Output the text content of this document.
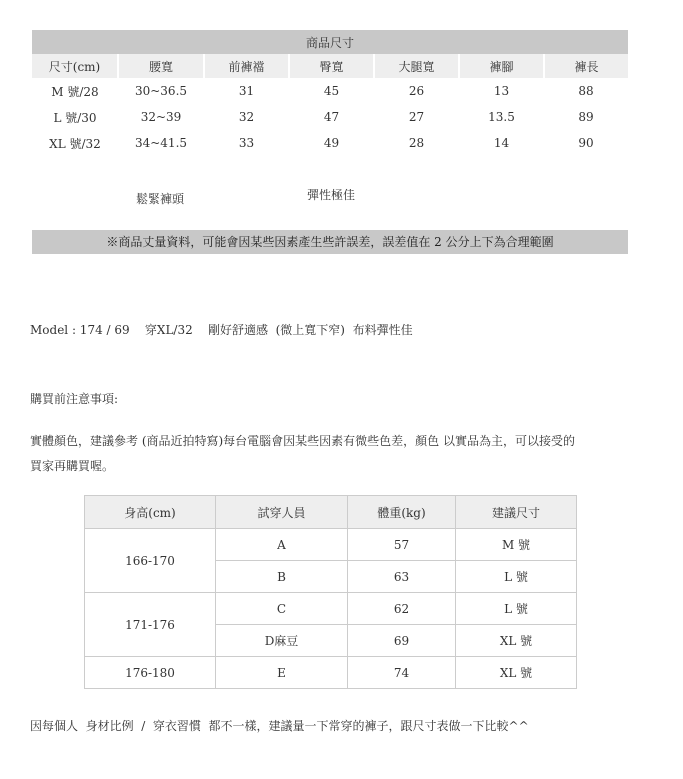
商品尺寸						
尺寸(cm)	腰寬	前褲襠	臀寬	大腿寬	褲腳	褲長
M 號/28	30~36.5	31	45	26	13	88
L 號/30	32~39	32	47	27	13.5	89
XL 號/32	34~41.5	33	49	28	14	90
鬆緊褲頭	彈性極佳
※商品丈量資料，可能會因某些因素產生些許誤差，誤差值在 2 公分上下為合理範圍
Model : 174 / 69    穿XL/32    剛好舒適感  (微上寬下窄)  布料彈性佳
購買前注意事項:
實體顏色，建議參考 (商品近拍特寫)每台電腦會因某些因素有微些色差，顏色 以實品為主，可以接受的
買家再購買喔。
身高(cm)	試穿人員	體重(kg)	建議尺寸
166-170	A	57	M 號
	B	63	L 號
171-176	C	62	L 號
	D麻豆	69	XL 號
176-180	E	74	XL 號
因每個人  身材比例  /  穿衣習慣  都不一樣，建議量一下常穿的褲子，跟尺寸表做一下比較^^
